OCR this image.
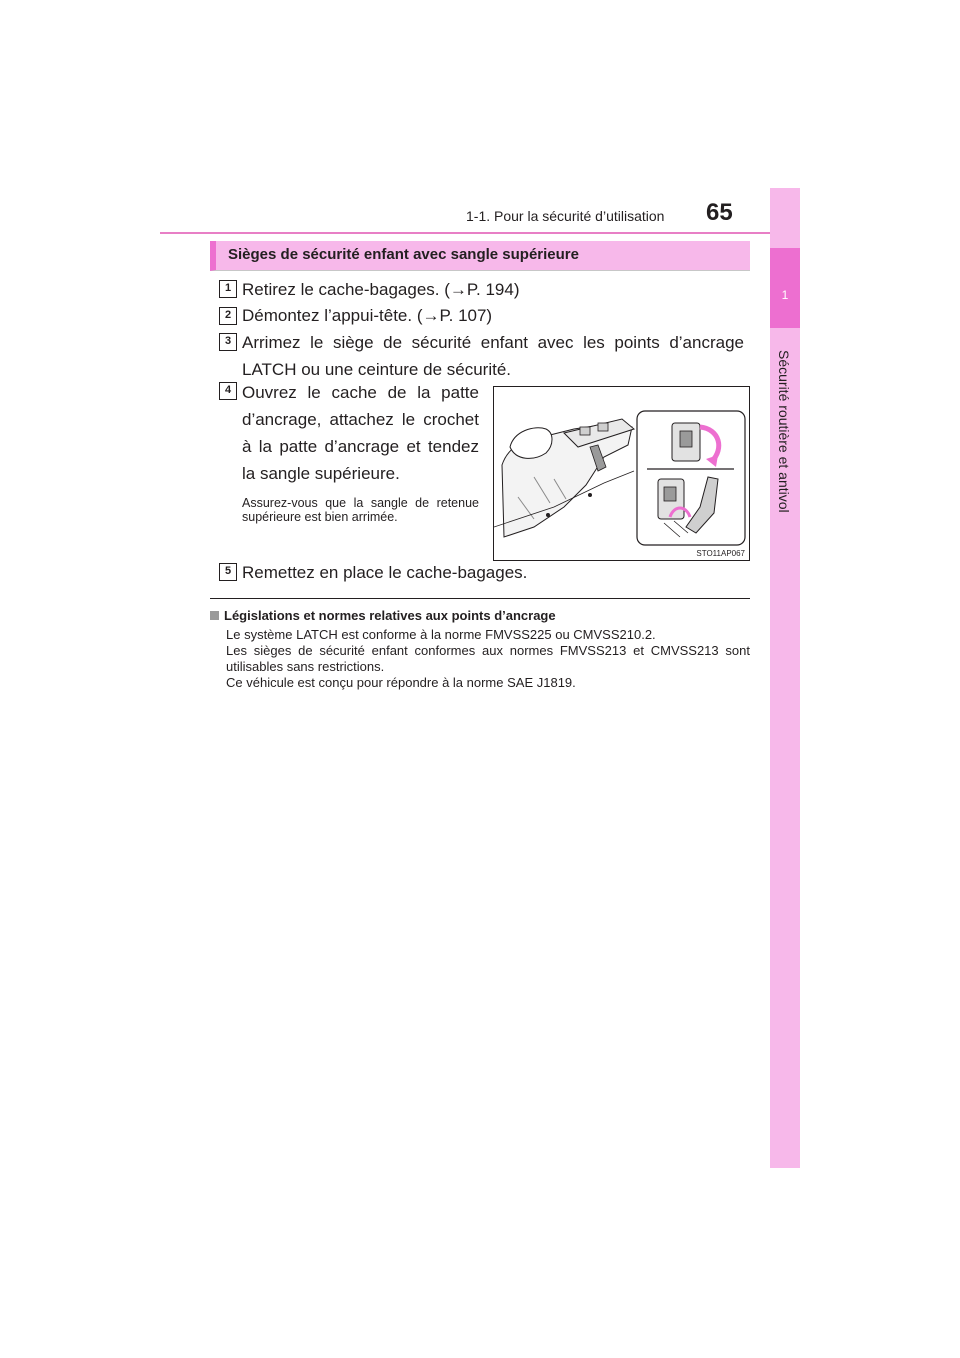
1-1. Pour la sécurité d’utilisation 65
1
Sécurité routière et antivol
Sièges de sécurité enfant avec sangle supérieure
1 Retirez le cache-bagages. (→P. 194)
2 Démontez l’appui-tête. (→P. 107)
3 Arrimez le siège de sécurité enfant avec les points d’ancrage LATCH ou une ceinture de sécurité.
4 Ouvrez le cache de la patte d’ancrage, attachez le crochet à la patte d’ancrage et tendez la sangle supérieure.
Assurez-vous que la sangle de retenue supérieure est bien arrimée.
STO11AP067
5 Remettez en place le cache-bagages.
Législations et normes relatives aux points d’ancrage

Le système LATCH est conforme à la norme FMVSS225 ou CMVSS210.2.

Les sièges de sécurité enfant conformes aux normes FMVSS213 et CMVSS213 sont utilisables sans restrictions.

Ce véhicule est conçu pour répondre à la norme SAE J1819.
